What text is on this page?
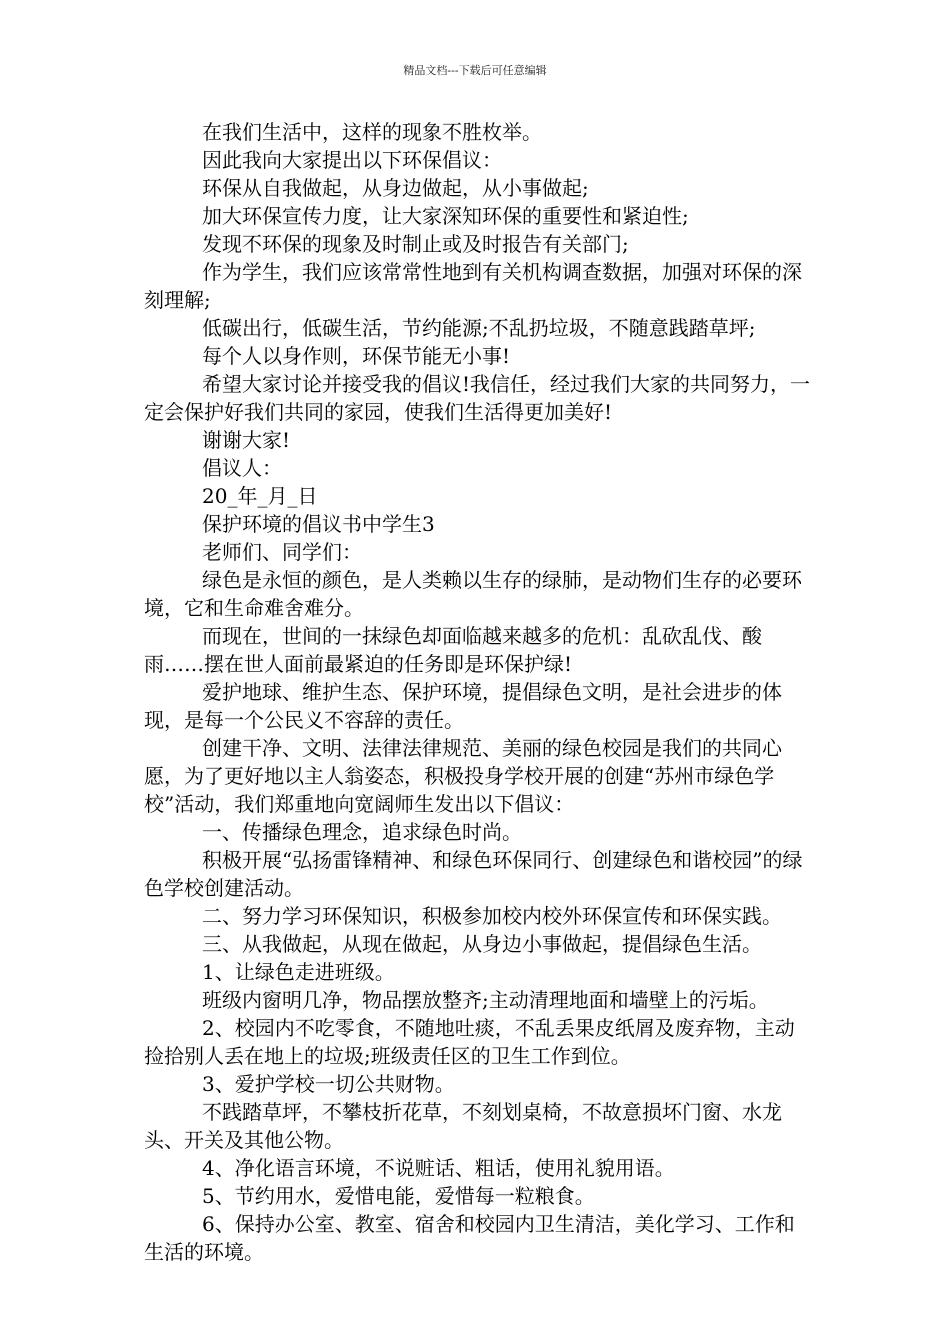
精品文档---下载后可任意编辑

在我们生活中，这样的现象不胜枚举。

因此我向大家提出以下环保倡议：

环保从自我做起，从身边做起，从小事做起;

加大环保宣传力度，让大家深知环保的重要性和紧迫性;

发现不环保的现象及时制止或及时报告有关部门;

作为学生，我们应该常常性地到有关机构调查数据，加强对环保的深刻理解;

低碳出行，低碳生活，节约能源;不乱扔垃圾，不随意践踏草坪;

每个人以身作则，环保节能无小事!

希望大家讨论并接受我的倡议!我信任，经过我们大家的共同努力，一定会保护好我们共同的家园，使我们生活得更加美好!

谢谢大家!

倡议人：

20_年_月_日

保护环境的倡议书中学生3

老师们、同学们：

绿色是永恒的颜色，是人类赖以生存的绿肺，是动物们生存的必要环境，它和生命难舍难分。

而现在，世间的一抹绿色却面临越来越多的危机：乱砍乱伐、酸雨……摆在世人面前最紧迫的任务即是环保护绿!

爱护地球、维护生态、保护环境，提倡绿色文明，是社会进步的体现，是每一个公民义不容辞的责任。

创建干净、文明、法律法律规范、美丽的绿色校园是我们的共同心愿，为了更好地以主人翁姿态，积极投身学校开展的创建“苏州市绿色学校”活动，我们郑重地向宽阔师生发出以下倡议：

一、传播绿色理念，追求绿色时尚。

积极开展“弘扬雷锋精神、和绿色环保同行、创建绿色和谐校园”的绿色学校创建活动。

二、努力学习环保知识，积极参加校内校外环保宣传和环保实践。

三、从我做起，从现在做起，从身边小事做起，提倡绿色生活。

1、让绿色走进班级。

班级内窗明几净，物品摆放整齐;主动清理地面和墙壁上的污垢。

2、校园内不吃零食，不随地吐痰，不乱丢果皮纸屑及废弃物，主动捡拾别人丢在地上的垃圾;班级责任区的卫生工作到位。

3、爱护学校一切公共财物。

不践踏草坪，不攀枝折花草，不刻划桌椅，不故意损坏门窗、水龙头、开关及其他公物。

4、净化语言环境，不说赃话、粗话，使用礼貌用语。

5、节约用水，爱惜电能，爱惜每一粒粮食。

6、保持办公室、教室、宿舍和校园内卫生清洁，美化学习、工作和生活的环境。
